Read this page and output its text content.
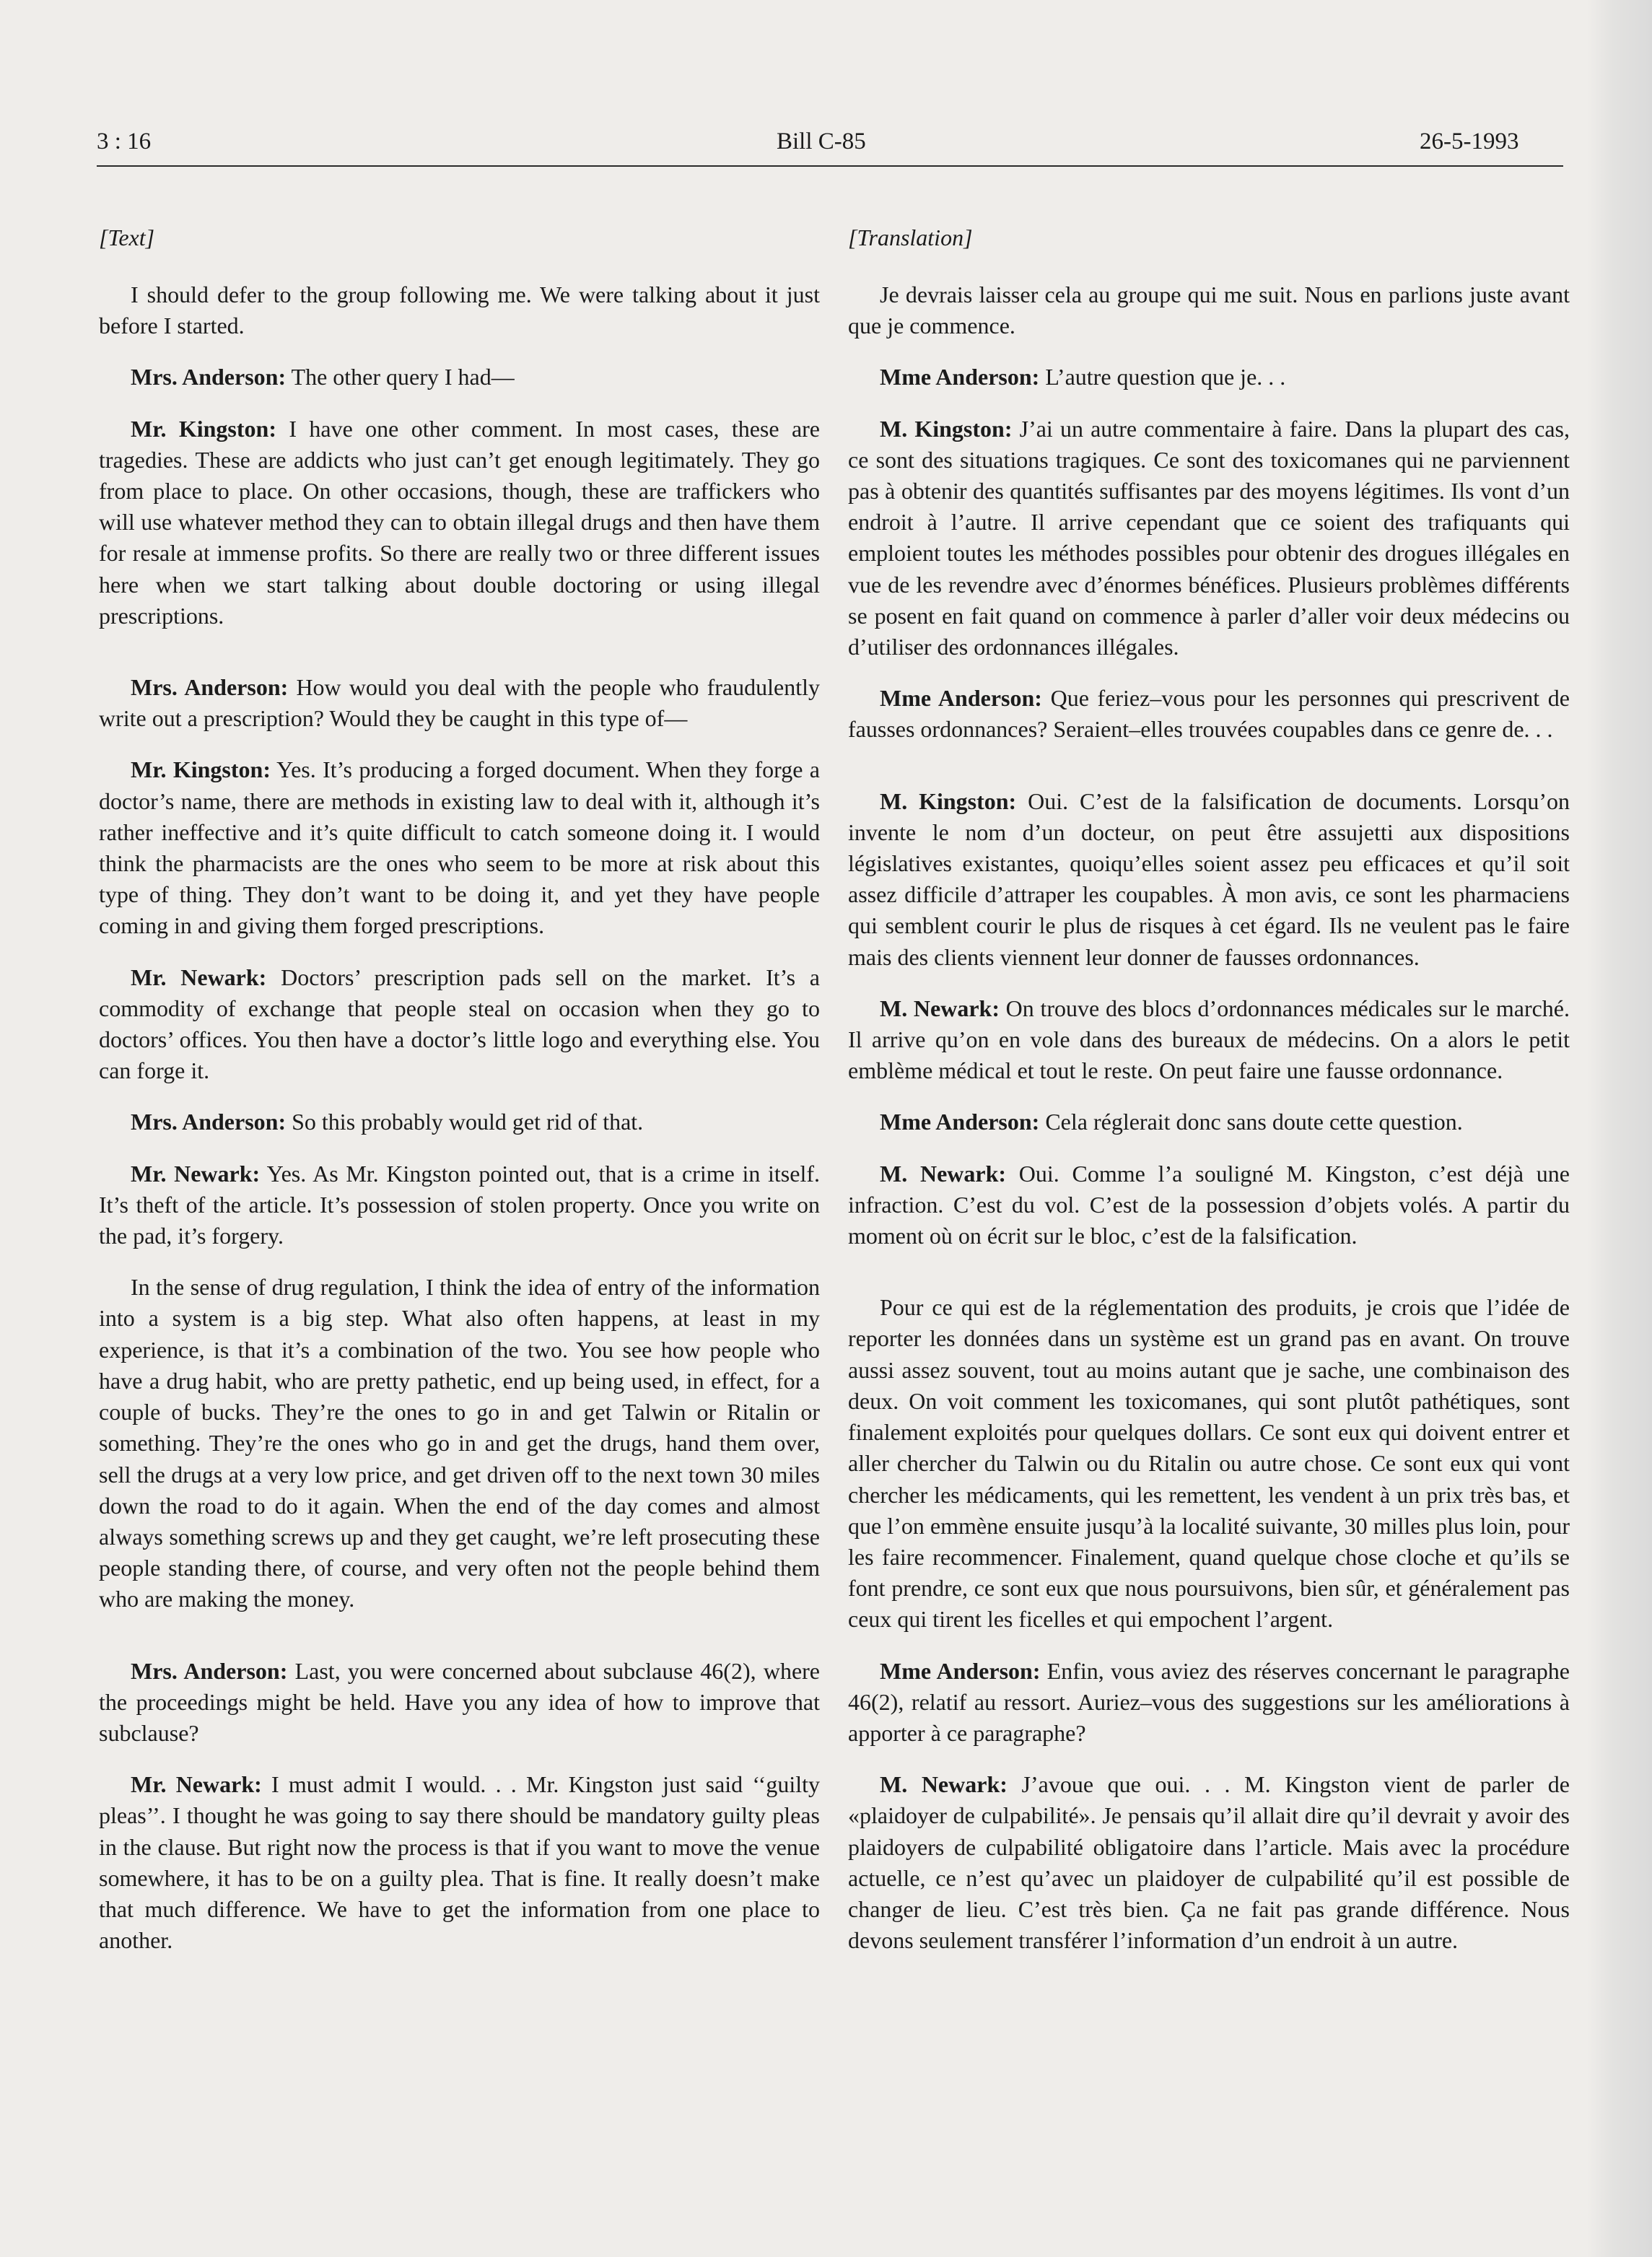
3 : 16	Bill C-85	26-5-1993
[Text]

I should defer to the group following me. We were talking about it just before I started.

Mrs. Anderson: The other query I had—

Mr. Kingston: I have one other comment. In most cases, these are tragedies. These are addicts who just can’t get enough legitimately. They go from place to place. On other occasions, though, these are traffickers who will use whatever method they can to obtain illegal drugs and then have them for resale at immense profits. So there are really two or three different issues here when we start talking about double doctoring or using illegal prescriptions.

Mrs. Anderson: How would you deal with the people who fraudulently write out a prescription? Would they be caught in this type of—

Mr. Kingston: Yes. It’s producing a forged document. When they forge a doctor’s name, there are methods in existing law to deal with it, although it’s rather ineffective and it’s quite difficult to catch someone doing it. I would think the pharmacists are the ones who seem to be more at risk about this type of thing. They don’t want to be doing it, and yet they have people coming in and giving them forged prescriptions.

Mr. Newark: Doctors’ prescription pads sell on the market. It’s a commodity of exchange that people steal on occasion when they go to doctors’ offices. You then have a doctor’s little logo and everything else. You can forge it.

Mrs. Anderson: So this probably would get rid of that.

Mr. Newark: Yes. As Mr. Kingston pointed out, that is a crime in itself. It’s theft of the article. It’s possession of stolen property. Once you write on the pad, it’s forgery.

In the sense of drug regulation, I think the idea of entry of the information into a system is a big step. What also often happens, at least in my experience, is that it’s a combination of the two. You see how people who have a drug habit, who are pretty pathetic, end up being used, in effect, for a couple of bucks. They’re the ones to go in and get Talwin or Ritalin or something. They’re the ones who go in and get the drugs, hand them over, sell the drugs at a very low price, and get driven off to the next town 30 miles down the road to do it again. When the end of the day comes and almost always something screws up and they get caught, we’re left prosecuting these people standing there, of course, and very often not the people behind them who are making the money.

Mrs. Anderson: Last, you were concerned about subclause 46(2), where the proceedings might be held. Have you any idea of how to improve that subclause?

Mr. Newark: I must admit I would. . . Mr. Kingston just said ‘‘guilty pleas’’. I thought he was going to say there should be mandatory guilty pleas in the clause. But right now the process is that if you want to move the venue somewhere, it has to be on a guilty plea. That is fine. It really doesn’t make that much difference. We have to get the information from one place to another.

[Translation]

Je devrais laisser cela au groupe qui me suit. Nous en parlions juste avant que je commence.

Mme Anderson: L’autre question que je. . .

M. Kingston: J’ai un autre commentaire à faire. Dans la plupart des cas, ce sont des situations tragiques. Ce sont des toxicomanes qui ne parviennent pas à obtenir des quantités suffisantes par des moyens légitimes. Ils vont d’un endroit à l’autre. Il arrive cependant que ce soient des trafiquants qui emploient toutes les méthodes possibles pour obtenir des drogues illégales en vue de les revendre avec d’énormes bénéfices. Plusieurs problèmes différents se posent en fait quand on commence à parler d’aller voir deux médecins ou d’utiliser des ordonnances illégales.

Mme Anderson: Que feriez–vous pour les personnes qui prescrivent de fausses ordonnances? Seraient–elles trouvées coupables dans ce genre de. . .

M. Kingston: Oui. C’est de la falsification de documents. Lorsqu’on invente le nom d’un docteur, on peut être assujetti aux dispositions législatives existantes, quoiqu’elles soient assez peu efficaces et qu’il soit assez difficile d’attraper les coupables. À mon avis, ce sont les pharmaciens qui semblent courir le plus de risques à cet égard. Ils ne veulent pas le faire mais des clients viennent leur donner de fausses ordonnances.

M. Newark: On trouve des blocs d’ordonnances médicales sur le marché. Il arrive qu’on en vole dans des bureaux de médecins. On a alors le petit emblème médical et tout le reste. On peut faire une fausse ordonnance.

Mme Anderson: Cela réglerait donc sans doute cette question.

M. Newark: Oui. Comme l’a souligné M. Kingston, c’est déjà une infraction. C’est du vol. C’est de la possession d’objets volés. A partir du moment où on écrit sur le bloc, c’est de la falsification.

Pour ce qui est de la réglementation des produits, je crois que l’idée de reporter les données dans un système est un grand pas en avant. On trouve aussi assez souvent, tout au moins autant que je sache, une combinaison des deux. On voit comment les toxicomanes, qui sont plutôt pathétiques, sont finalement exploités pour quelques dollars. Ce sont eux qui doivent entrer et aller chercher du Talwin ou du Ritalin ou autre chose. Ce sont eux qui vont chercher les médicaments, qui les remettent, les vendent à un prix très bas, et que l’on emmène ensuite jusqu’à la localité suivante, 30 milles plus loin, pour les faire recommencer. Finalement, quand quelque chose cloche et qu’ils se font prendre, ce sont eux que nous poursuivons, bien sûr, et généralement pas ceux qui tirent les ficelles et qui empochent l’argent.

Mme Anderson: Enfin, vous aviez des réserves concernant le paragraphe 46(2), relatif au ressort. Auriez–vous des suggestions sur les améliorations à apporter à ce paragraphe?

M. Newark: J’avoue que oui. . . M. Kingston vient de parler de «plaidoyer de culpabilité». Je pensais qu’il allait dire qu’il devrait y avoir des plaidoyers de culpabilité obligatoire dans l’article. Mais avec la procédure actuelle, ce n’est qu’avec un plaidoyer de culpabilité qu’il est possible de changer de lieu. C’est très bien. Ça ne fait pas grande différence. Nous devons seulement transférer l’information d’un endroit à un autre.
